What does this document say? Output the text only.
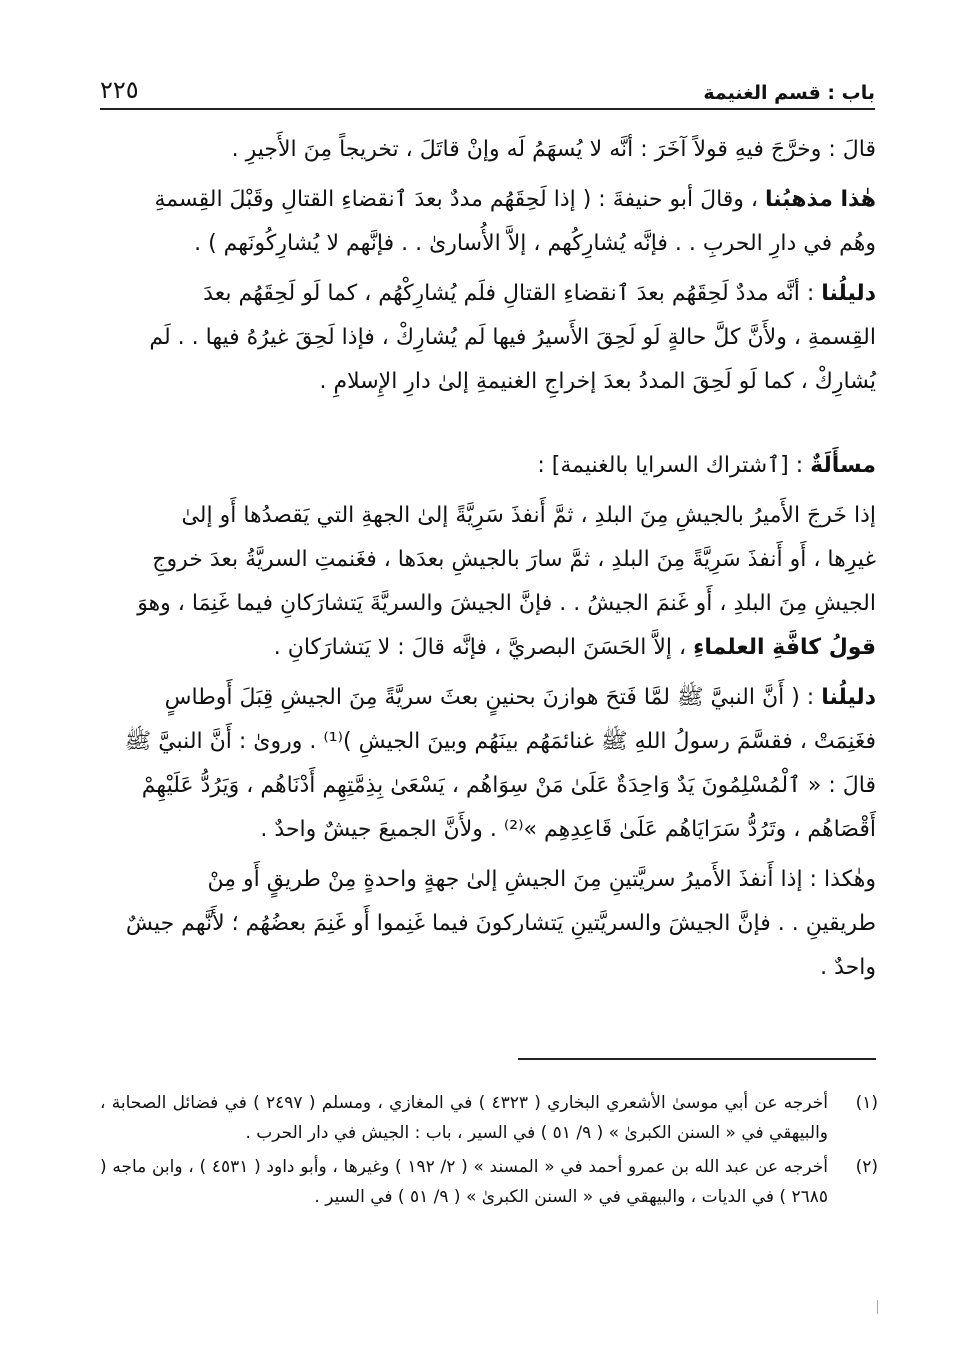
باب : قسم الغنيمة
٢٢٥

قالَ : وخرَّجَ فيهِ قولاً آخَرَ : أنَّه لا يُسهَمُ لَه وإنْ قاتَلَ ، تخريجاً مِنَ الأَجيرِ .

هٰذا مذهبُنا ، وقالَ أبو حنيفةَ : ( إذا لَحِقَهُم مددٌ بعدَ ٱنقضاءِ القتالِ وقَبْلَ القِسمةِ

وهُم في دارِ الحربِ . . فإنَّه يُشارِكُهم ، إلاَّ الأُسارىٰ . . فإنَّهم لا يُشارِكُونَهم ) .

دليلُنا : أنَّه مددٌ لَحِقَهُم بعدَ ٱنقضاءِ القتالِ فلَم يُشارِكْهُم ، كما لَو لَحِقَهُم بعدَ

القِسمةِ ، ولأَنَّ كلَّ حالةٍ لَو لَحِقَ الأَسيرُ فيها لَم يُشارِكْ ، فإذا لَحِقَ غيرُهُ فيها . . لَم

يُشارِكْ ، كما لَو لَحِقَ المددُ بعدَ إخراجِ الغنيمةِ إلىٰ دارِ الإِسلامِ .

مسأَلَةٌ : [ٱشتراك السرايا بالغنيمة] :

إذا خَرجَ الأَميرُ بالجيشِ مِنَ البلدِ ، ثمَّ أَنفذَ سَرِيَّةً إلىٰ الجهةِ التي يَقصدُها أَو إلىٰ

غيرِها ، أَو أَنفذَ سَرِيَّةً مِنَ البلدِ ، ثمَّ سارَ بالجيشِ بعدَها ، فغَنمتِ السريَّةُ بعدَ خروجِ

الجيشِ مِنَ البلدِ ، أَو غَنمَ الجيشُ . . فإنَّ الجيشَ والسريَّةَ يَتشارَكانِ فيما غَنِمَا ، وهوَ

قولُ كافَّةِ العلماءِ ، إلاَّ الحَسَنَ البصريَّ ، فإنَّه قالَ : لا يَتشارَكانِ .

دليلُنا : ( أَنَّ النبيَّ ﷺ لمَّا فَتحَ هوازنَ بحنينٍ بعثَ سريَّةً مِنَ الجيشِ قِبَلَ أَوطاسٍ

فغَنِمَتْ ، فقسَّمَ رسولُ اللهِ ﷺ غنائمَهُم بينَهُم وبينَ الجيشِ )⁽¹⁾ . وروىٰ : أَنَّ النبيَّ ﷺ

قالَ : « ٱلْمُسْلِمُونَ يَدٌ وَاحِدَةٌ عَلَىٰ مَنْ سِوَاهُم ، يَسْعَىٰ بِذِمَّتِهِم أَدْنَاهُم ، وَيَرُدُّ عَلَيْهِمْ

أَقْصَاهُم ، وتَرُدُّ سَرَايَاهُم عَلَىٰ قَاعِدِهِم »⁽²⁾ . ولأَنَّ الجميعَ جيشٌ واحدٌ .

وهٰكذا : إذا أَنفذَ الأَميرُ سريَّتينِ مِنَ الجيشِ إلىٰ جهةٍ واحدةٍ مِنْ طريقٍ أَو مِنْ

طريقينِ . . فإنَّ الجيشَ والسريَّتينِ يَتشاركونَ فيما غَنِموا أَو غَنِمَ بعضُهُم ؛ لأَنَّهم جيشٌ

واحدٌ .

(١)
أخرجه عن أبي موسىٰ الأشعري البخاري ( ٤٣٢٣ ) في المغازي ، ومسلم ( ٢٤٩٧ ) في فضائل الصحابة ، والبيهقي في « السنن الكبرىٰ » ( ٩/ ٥١ ) في السير ، باب : الجيش في دار الحرب .
(٢)
أخرجه عن عبد الله بن عمرو أحمد في « المسند » ( ٢/ ١٩٢ ) وغيرها ، وأبو داود ( ٤٥٣١ ) ، وابن ماجه ( ٢٦٨٥ ) في الديات ، والبيهقي في « السنن الكبرىٰ » ( ٩/ ٥١ ) في السير .
